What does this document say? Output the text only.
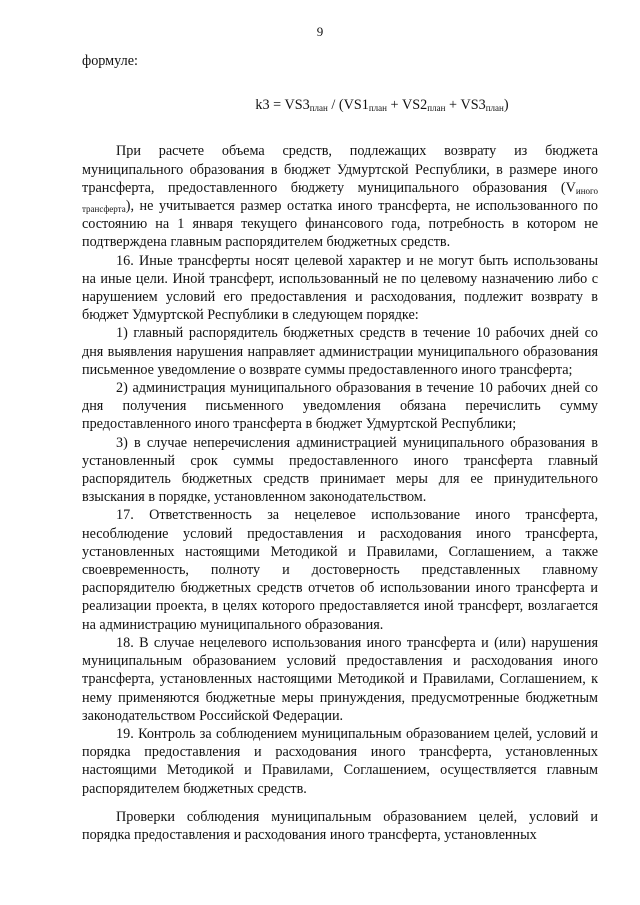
9

формуле:

$k3 = VS3_{план} / (VS1_{план} + VS2_{план} + VS3_{план})$

При расчете объема средств, подлежащих возврату из бюджета муниципального образования в бюджет Удмуртской Республики, в размере иного трансферта, предоставленного бюджету муниципального образования $(V_{иного трансферта})$, не учитывается размер остатка иного трансферта, не использованного по состоянию на 1 января текущего финансового года, потребность в котором не подтверждена главным распорядителем бюджетных средств.

16. Иные трансферты носят целевой характер и не могут быть использованы на иные цели. Иной трансферт, использованный не по целевому назначению либо с нарушением условий его предоставления и расходования, подлежит возврату в бюджет Удмуртской Республики в следующем порядке:

1) главный распорядитель бюджетных средств в течение 10 рабочих дней со дня выявления нарушения направляет администрации муниципального образования письменное уведомление о возврате суммы предоставленного иного трансферта;

2) администрация муниципального образования в течение 10 рабочих дней со дня получения письменного уведомления обязана перечислить сумму предоставленного иного трансферта в бюджет Удмуртской Республики;

3) в случае неперечисления администрацией муниципального образования в установленный срок суммы предоставленного иного трансферта главный распорядитель бюджетных средств принимает меры для ее принудительного взыскания в порядке, установленном законодательством.

17. Ответственность за нецелевое использование иного трансферта, несоблюдение условий предоставления и расходования иного трансферта, установленных настоящими Методикой и Правилами, Соглашением, а также своевременность, полноту и достоверность представленных главному распорядителю бюджетных средств отчетов об использовании иного трансферта и реализации проекта, в целях которого предоставляется иной трансферт, возлагается на администрацию муниципального образования.

18. В случае нецелевого использования иного трансферта и (или) нарушения муниципальным образованием условий предоставления и расходования иного трансферта, установленных настоящими Методикой и Правилами, Соглашением, к нему применяются бюджетные меры принуждения, предусмотренные бюджетным законодательством Российской Федерации.

19. Контроль за соблюдением муниципальным образованием целей, условий и порядка предоставления и расходования иного трансферта, установленных настоящими Методикой и Правилами, Соглашением, осуществляется главным распорядителем бюджетных средств.

Проверки соблюдения муниципальным образованием целей, условий и порядка предоставления и расходования иного трансферта, установленных
